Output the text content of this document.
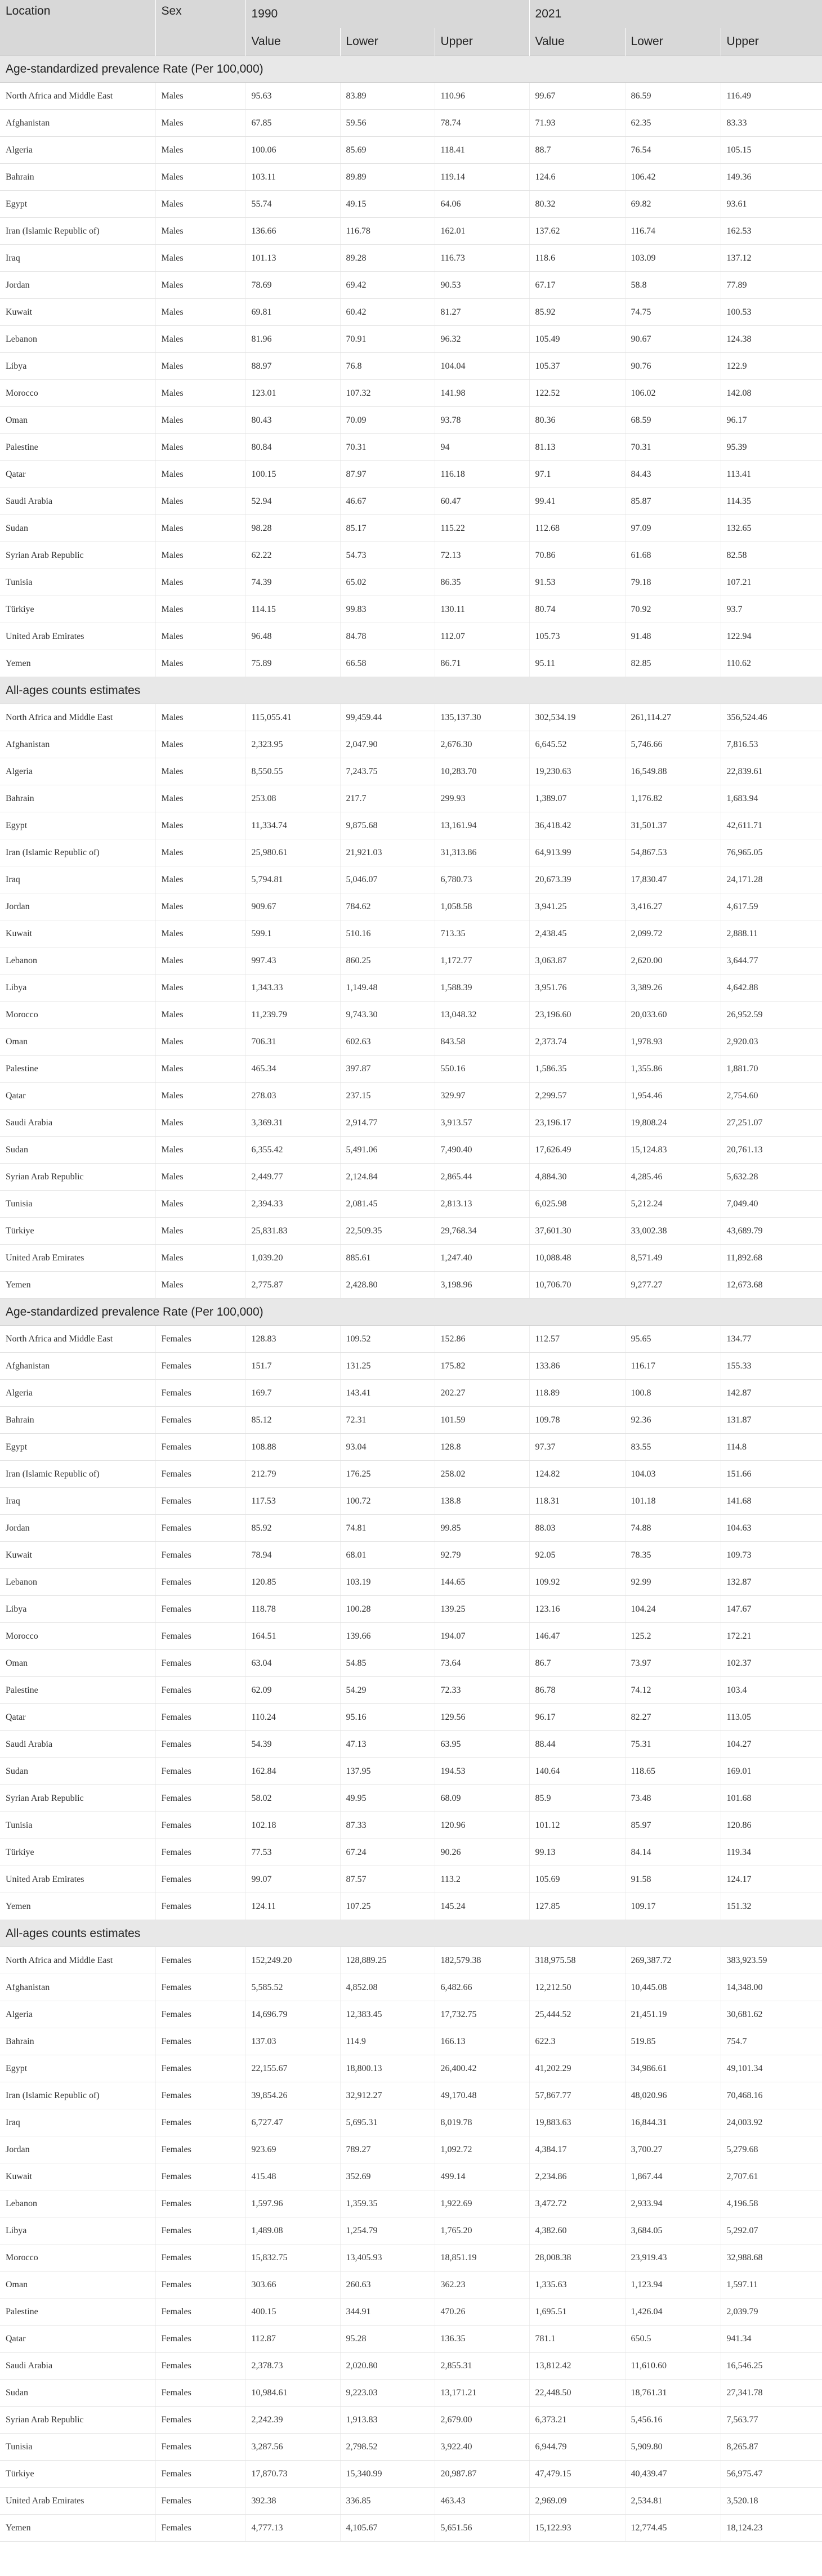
Location	Sex	1990			2021		
		Value	Lower	Upper	Value	Lower	Upper
Age-standardized prevalence Rate (Per 100,000)							
North Africa and Middle East	Males	95.63	83.89	110.96	99.67	86.59	116.49
Afghanistan	Males	67.85	59.56	78.74	71.93	62.35	83.33
Algeria	Males	100.06	85.69	118.41	88.7	76.54	105.15
Bahrain	Males	103.11	89.89	119.14	124.6	106.42	149.36
Egypt	Males	55.74	49.15	64.06	80.32	69.82	93.61
Iran (Islamic Republic of)	Males	136.66	116.78	162.01	137.62	116.74	162.53
Iraq	Males	101.13	89.28	116.73	118.6	103.09	137.12
Jordan	Males	78.69	69.42	90.53	67.17	58.8	77.89
Kuwait	Males	69.81	60.42	81.27	85.92	74.75	100.53
Lebanon	Males	81.96	70.91	96.32	105.49	90.67	124.38
Libya	Males	88.97	76.8	104.04	105.37	90.76	122.9
Morocco	Males	123.01	107.32	141.98	122.52	106.02	142.08
Oman	Males	80.43	70.09	93.78	80.36	68.59	96.17
Palestine	Males	80.84	70.31	94	81.13	70.31	95.39
Qatar	Males	100.15	87.97	116.18	97.1	84.43	113.41
Saudi Arabia	Males	52.94	46.67	60.47	99.41	85.87	114.35
Sudan	Males	98.28	85.17	115.22	112.68	97.09	132.65
Syrian Arab Republic	Males	62.22	54.73	72.13	70.86	61.68	82.58
Tunisia	Males	74.39	65.02	86.35	91.53	79.18	107.21
Türkiye	Males	114.15	99.83	130.11	80.74	70.92	93.7
United Arab Emirates	Males	96.48	84.78	112.07	105.73	91.48	122.94
Yemen	Males	75.89	66.58	86.71	95.11	82.85	110.62
All-ages counts estimates							
North Africa and Middle East	Males	115,055.41	99,459.44	135,137.30	302,534.19	261,114.27	356,524.46
Afghanistan	Males	2,323.95	2,047.90	2,676.30	6,645.52	5,746.66	7,816.53
Algeria	Males	8,550.55	7,243.75	10,283.70	19,230.63	16,549.88	22,839.61
Bahrain	Males	253.08	217.7	299.93	1,389.07	1,176.82	1,683.94
Egypt	Males	11,334.74	9,875.68	13,161.94	36,418.42	31,501.37	42,611.71
Iran (Islamic Republic of)	Males	25,980.61	21,921.03	31,313.86	64,913.99	54,867.53	76,965.05
Iraq	Males	5,794.81	5,046.07	6,780.73	20,673.39	17,830.47	24,171.28
Jordan	Males	909.67	784.62	1,058.58	3,941.25	3,416.27	4,617.59
Kuwait	Males	599.1	510.16	713.35	2,438.45	2,099.72	2,888.11
Lebanon	Males	997.43	860.25	1,172.77	3,063.87	2,620.00	3,644.77
Libya	Males	1,343.33	1,149.48	1,588.39	3,951.76	3,389.26	4,642.88
Morocco	Males	11,239.79	9,743.30	13,048.32	23,196.60	20,033.60	26,952.59
Oman	Males	706.31	602.63	843.58	2,373.74	1,978.93	2,920.03
Palestine	Males	465.34	397.87	550.16	1,586.35	1,355.86	1,881.70
Qatar	Males	278.03	237.15	329.97	2,299.57	1,954.46	2,754.60
Saudi Arabia	Males	3,369.31	2,914.77	3,913.57	23,196.17	19,808.24	27,251.07
Sudan	Males	6,355.42	5,491.06	7,490.40	17,626.49	15,124.83	20,761.13
Syrian Arab Republic	Males	2,449.77	2,124.84	2,865.44	4,884.30	4,285.46	5,632.28
Tunisia	Males	2,394.33	2,081.45	2,813.13	6,025.98	5,212.24	7,049.40
Türkiye	Males	25,831.83	22,509.35	29,768.34	37,601.30	33,002.38	43,689.79
United Arab Emirates	Males	1,039.20	885.61	1,247.40	10,088.48	8,571.49	11,892.68
Yemen	Males	2,775.87	2,428.80	3,198.96	10,706.70	9,277.27	12,673.68
Age-standardized prevalence Rate (Per 100,000)							
North Africa and Middle East	Females	128.83	109.52	152.86	112.57	95.65	134.77
Afghanistan	Females	151.7	131.25	175.82	133.86	116.17	155.33
Algeria	Females	169.7	143.41	202.27	118.89	100.8	142.87
Bahrain	Females	85.12	72.31	101.59	109.78	92.36	131.87
Egypt	Females	108.88	93.04	128.8	97.37	83.55	114.8
Iran (Islamic Republic of)	Females	212.79	176.25	258.02	124.82	104.03	151.66
Iraq	Females	117.53	100.72	138.8	118.31	101.18	141.68
Jordan	Females	85.92	74.81	99.85	88.03	74.88	104.63
Kuwait	Females	78.94	68.01	92.79	92.05	78.35	109.73
Lebanon	Females	120.85	103.19	144.65	109.92	92.99	132.87
Libya	Females	118.78	100.28	139.25	123.16	104.24	147.67
Morocco	Females	164.51	139.66	194.07	146.47	125.2	172.21
Oman	Females	63.04	54.85	73.64	86.7	73.97	102.37
Palestine	Females	62.09	54.29	72.33	86.78	74.12	103.4
Qatar	Females	110.24	95.16	129.56	96.17	82.27	113.05
Saudi Arabia	Females	54.39	47.13	63.95	88.44	75.31	104.27
Sudan	Females	162.84	137.95	194.53	140.64	118.65	169.01
Syrian Arab Republic	Females	58.02	49.95	68.09	85.9	73.48	101.68
Tunisia	Females	102.18	87.33	120.96	101.12	85.97	120.86
Türkiye	Females	77.53	67.24	90.26	99.13	84.14	119.34
United Arab Emirates	Females	99.07	87.57	113.2	105.69	91.58	124.17
Yemen	Females	124.11	107.25	145.24	127.85	109.17	151.32
All-ages counts estimates							
North Africa and Middle East	Females	152,249.20	128,889.25	182,579.38	318,975.58	269,387.72	383,923.59
Afghanistan	Females	5,585.52	4,852.08	6,482.66	12,212.50	10,445.08	14,348.00
Algeria	Females	14,696.79	12,383.45	17,732.75	25,444.52	21,451.19	30,681.62
Bahrain	Females	137.03	114.9	166.13	622.3	519.85	754.7
Egypt	Females	22,155.67	18,800.13	26,400.42	41,202.29	34,986.61	49,101.34
Iran (Islamic Republic of)	Females	39,854.26	32,912.27	49,170.48	57,867.77	48,020.96	70,468.16
Iraq	Females	6,727.47	5,695.31	8,019.78	19,883.63	16,844.31	24,003.92
Jordan	Females	923.69	789.27	1,092.72	4,384.17	3,700.27	5,279.68
Kuwait	Females	415.48	352.69	499.14	2,234.86	1,867.44	2,707.61
Lebanon	Females	1,597.96	1,359.35	1,922.69	3,472.72	2,933.94	4,196.58
Libya	Females	1,489.08	1,254.79	1,765.20	4,382.60	3,684.05	5,292.07
Morocco	Females	15,832.75	13,405.93	18,851.19	28,008.38	23,919.43	32,988.68
Oman	Females	303.66	260.63	362.23	1,335.63	1,123.94	1,597.11
Palestine	Females	400.15	344.91	470.26	1,695.51	1,426.04	2,039.79
Qatar	Females	112.87	95.28	136.35	781.1	650.5	941.34
Saudi Arabia	Females	2,378.73	2,020.80	2,855.31	13,812.42	11,610.60	16,546.25
Sudan	Females	10,984.61	9,223.03	13,171.21	22,448.50	18,761.31	27,341.78
Syrian Arab Republic	Females	2,242.39	1,913.83	2,679.00	6,373.21	5,456.16	7,563.77
Tunisia	Females	3,287.56	2,798.52	3,922.40	6,944.79	5,909.80	8,265.87
Türkiye	Females	17,870.73	15,340.99	20,987.87	47,479.15	40,439.47	56,975.47
United Arab Emirates	Females	392.38	336.85	463.43	2,969.09	2,534.81	3,520.18
Yemen	Females	4,777.13	4,105.67	5,651.56	15,122.93	12,774.45	18,124.23
